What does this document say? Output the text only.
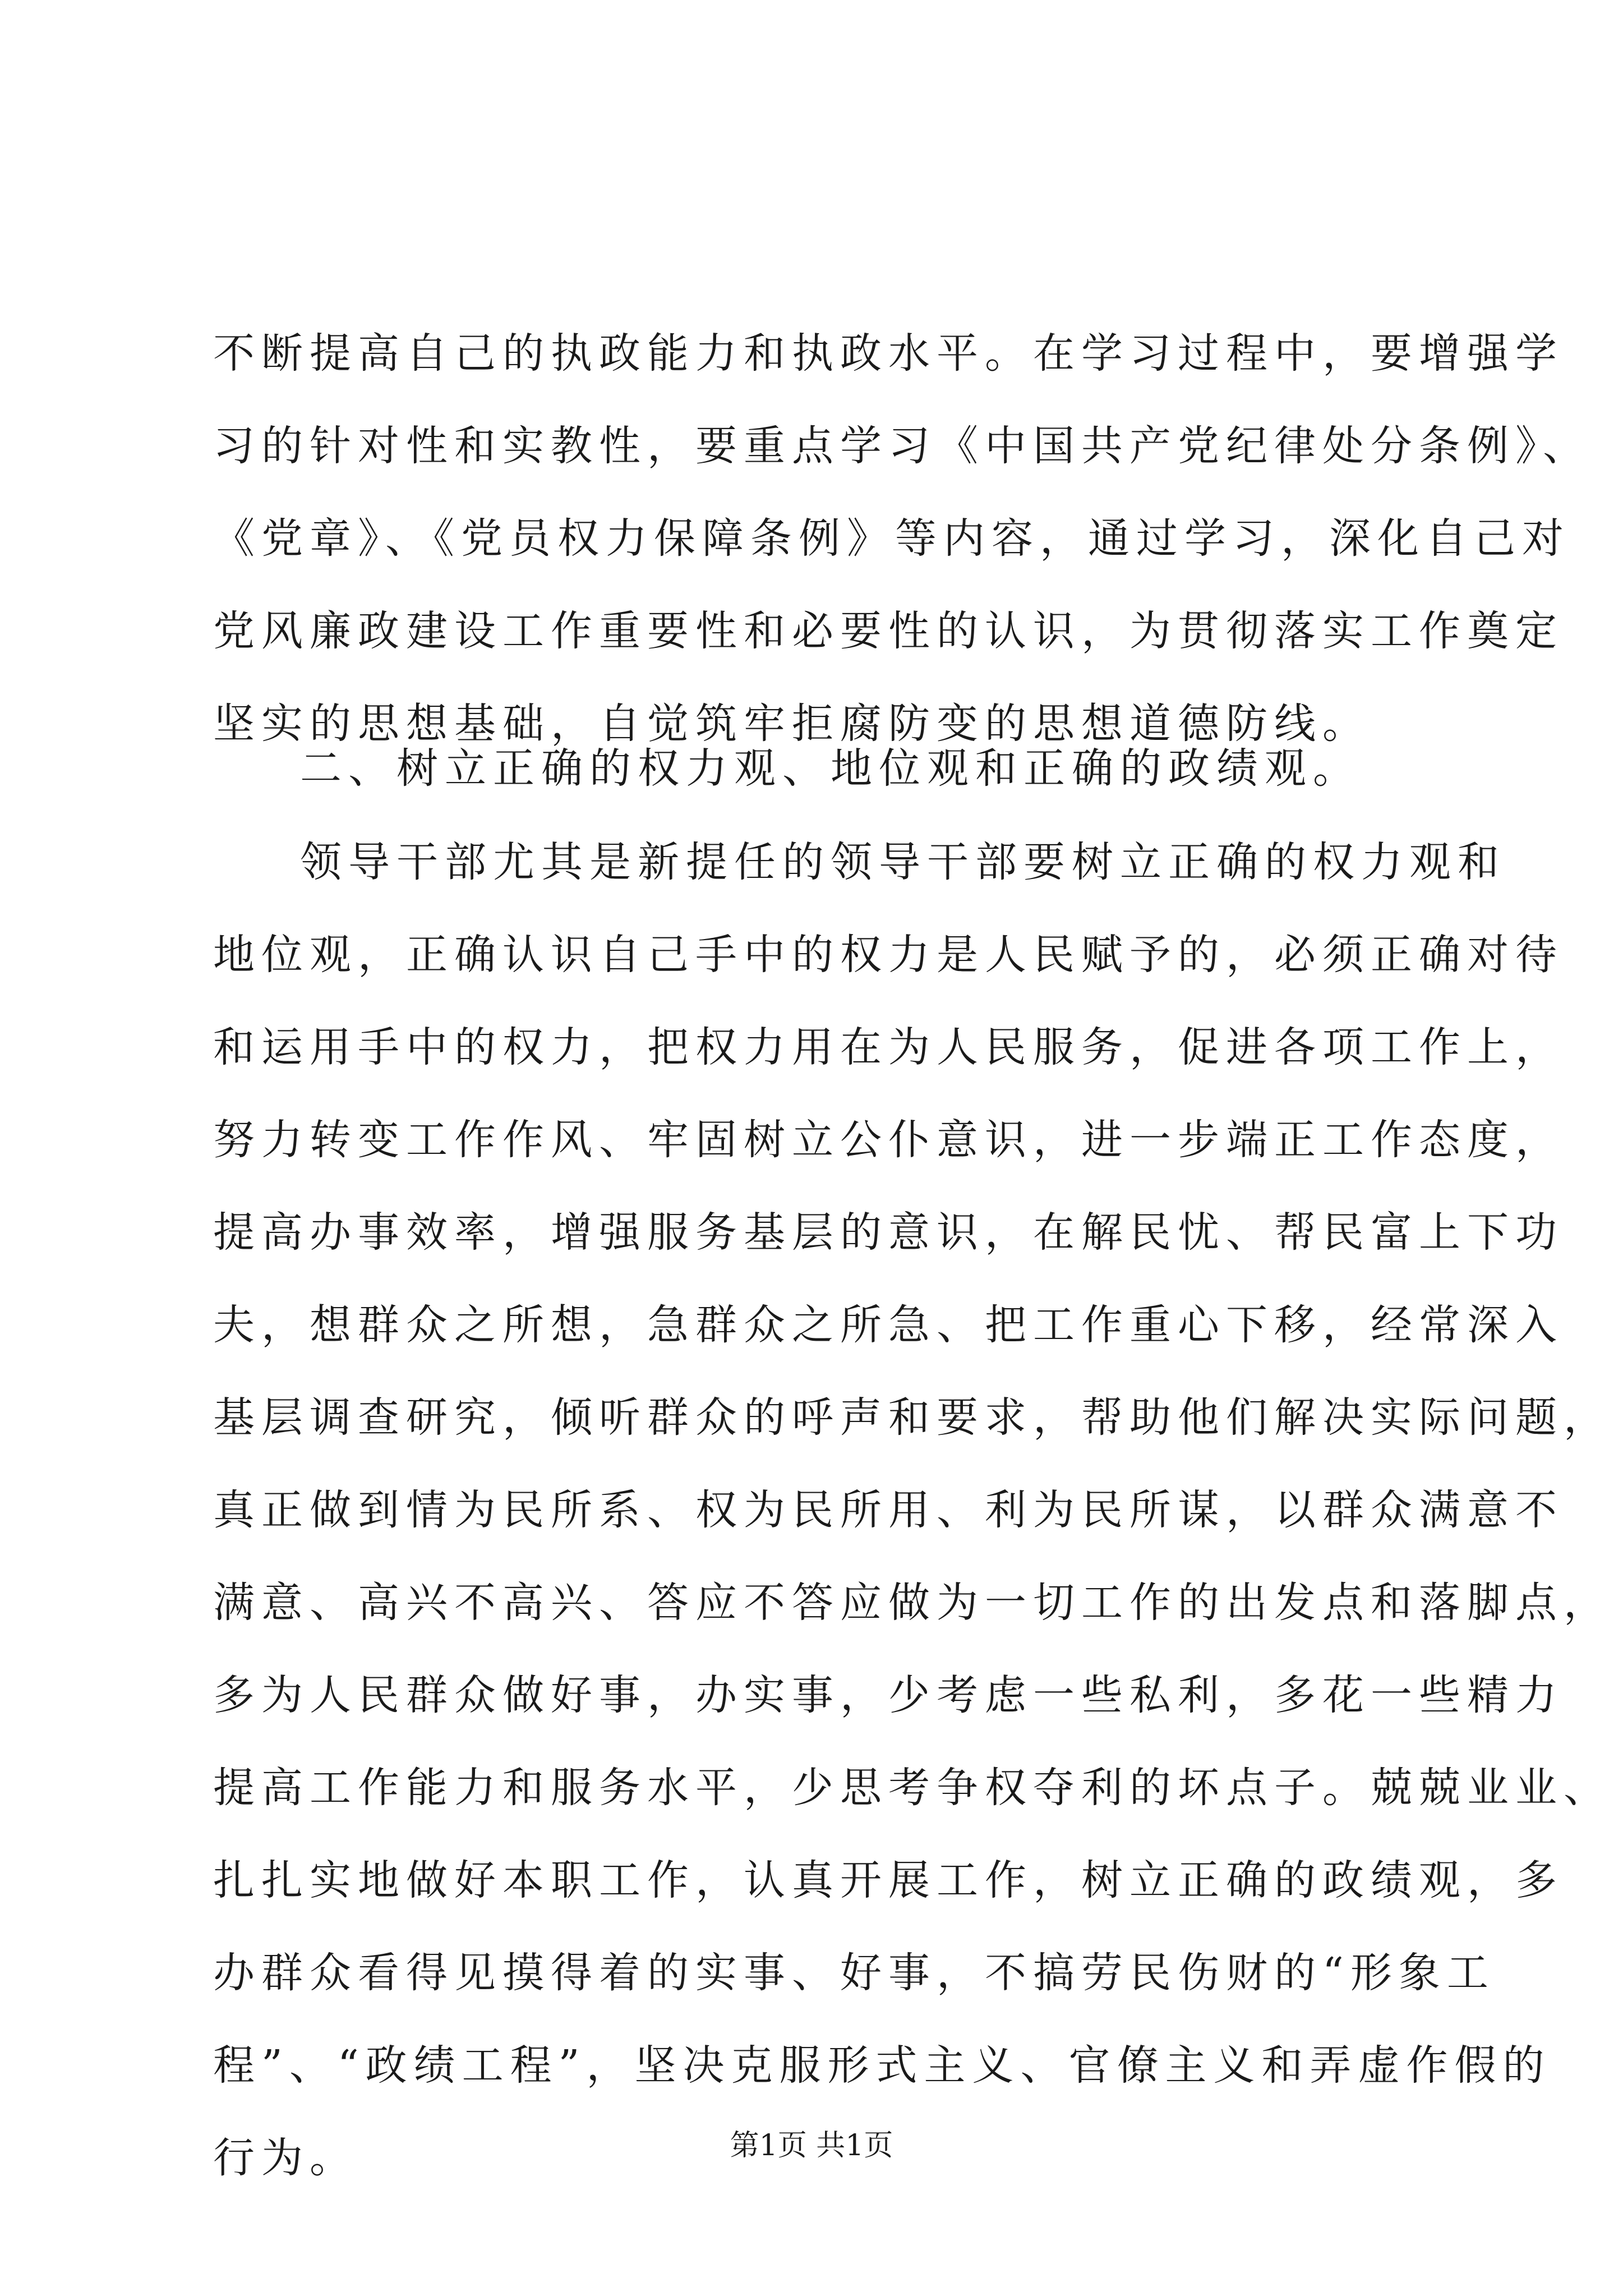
不断提高自己的执政能力和执政水平。在学习过程中，要增强学
习的针对性和实教性，要重点学习《中国共产党纪律处分条例》、
《党章》、《党员权力保障条例》等内容，通过学习，深化自己对
党风廉政建设工作重要性和必要性的认识，为贯彻落实工作奠定
坚实的思想基础，自觉筑牢拒腐防变的思想道德防线。
二、树立正确的权力观、地位观和正确的政绩观。
领导干部尤其是新提任的领导干部要树立正确的权力观和
地位观，正确认识自己手中的权力是人民赋予的，必须正确对待
和运用手中的权力，把权力用在为人民服务，促进各项工作上，
努力转变工作作风、牢固树立公仆意识，进一步端正工作态度，
提高办事效率，增强服务基层的意识，在解民忧、帮民富上下功
夫，想群众之所想，急群众之所急、把工作重心下移，经常深入
基层调查研究，倾听群众的呼声和要求，帮助他们解决实际问题，
真正做到情为民所系、权为民所用、利为民所谋，以群众满意不
满意、高兴不高兴、答应不答应做为一切工作的出发点和落脚点，
多为人民群众做好事，办实事，少考虑一些私利，多花一些精力
提高工作能力和服务水平，少思考争权夺利的坏点子。兢兢业业、
扎扎实地做好本职工作，认真开展工作，树立正确的政绩观，多
办群众看得见摸得着的实事、好事，不搞劳民伤财的“形象工
程”、“政绩工程”，坚决克服形式主义、官僚主义和弄虚作假的
行为。	第1页 共1页
